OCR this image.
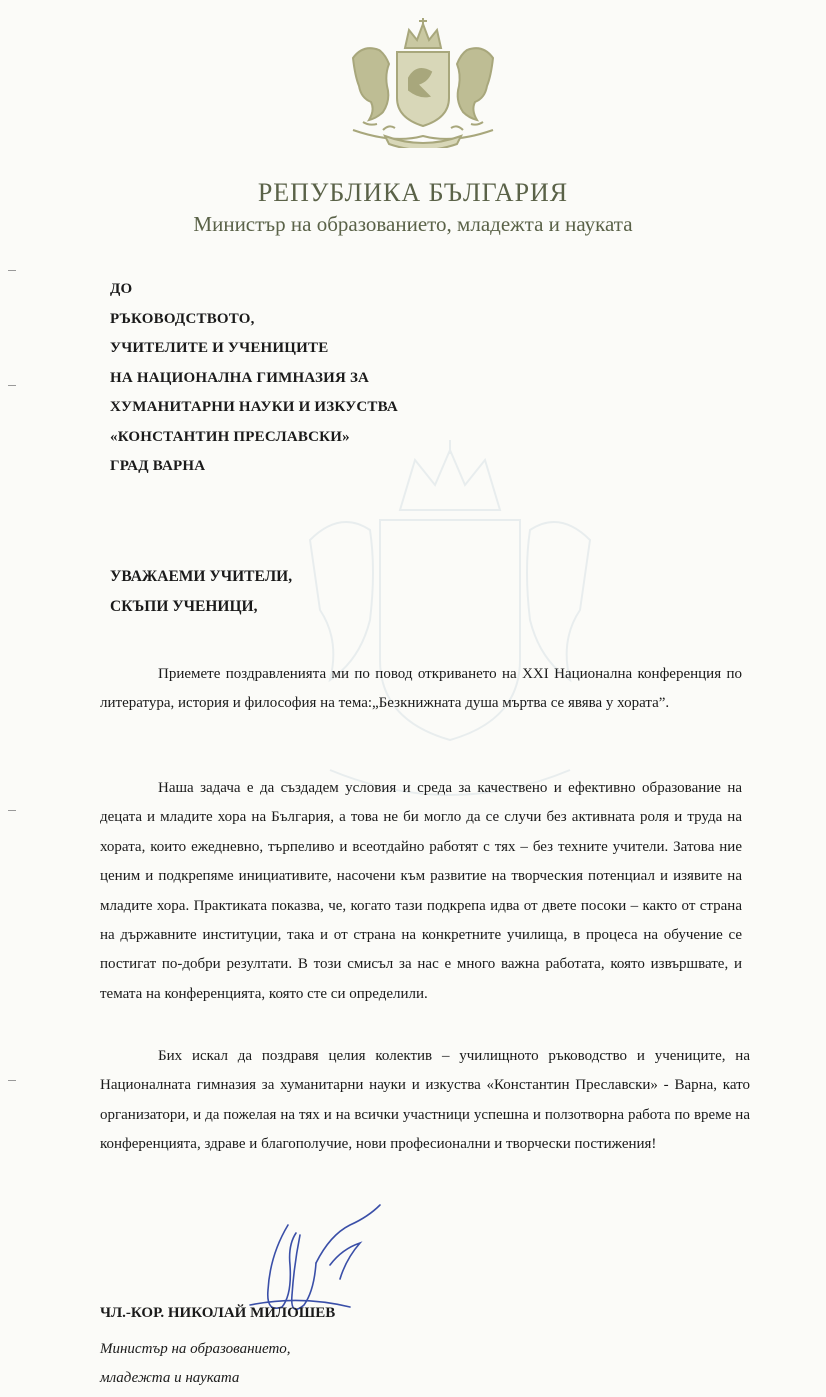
РЕПУБЛИКА БЪЛГАРИЯ
Министър на образованието, младежта и науката
ДО
РЪКОВОДСТВОТО,
УЧИТЕЛИТЕ И УЧЕНИЦИТЕ
НА НАЦИОНАЛНА ГИМНАЗИЯ ЗА
ХУМАНИТАРНИ НАУКИ И ИЗКУСТВА
«КОНСТАНТИН ПРЕСЛАВСКИ»
ГРАД ВАРНА
УВАЖАЕМИ УЧИТЕЛИ,
СКЪПИ УЧЕНИЦИ,
Приемете поздравленията ми по повод откриването на XXI Национална конференция по литература, история и философия на тема:„Безкнижната душа мъртва се явява у хората”.
Наша задача е да създадем условия и среда за качествено и ефективно образование на децата и младите хора на България, а това не би могло да се случи без активната роля и труда на хората, които ежедневно, търпеливо и всеотдайно работят с тях – без техните учители. Затова ние ценим и подкрепяме инициативите, насочени към развитие на творческия потенциал и изявите на младите хора. Практиката показва, че, когато тази подкрепа идва от двете посоки – както от страна на държавните институции, така и от страна на конкретните училища, в процеса на обучение се постигат по-добри резултати. В този смисъл за нас е много важна работата, която извършвате, и темата на конференцията, която сте си определили.
Бих искал да поздравя целия колектив – училищното ръководство и учениците, на Националната гимназия за хуманитарни науки и изкуства «Константин Преславски» - Варна, като организатори, и да пожелая на тях и на всички участници успешна и ползотворна работа по време на конференцията, здраве и благополучие, нови професионални и творчески постижения!
ЧЛ.-КОР. НИКОЛАЙ МИЛОШЕВ
Министър на образованието,
младежта и науката
